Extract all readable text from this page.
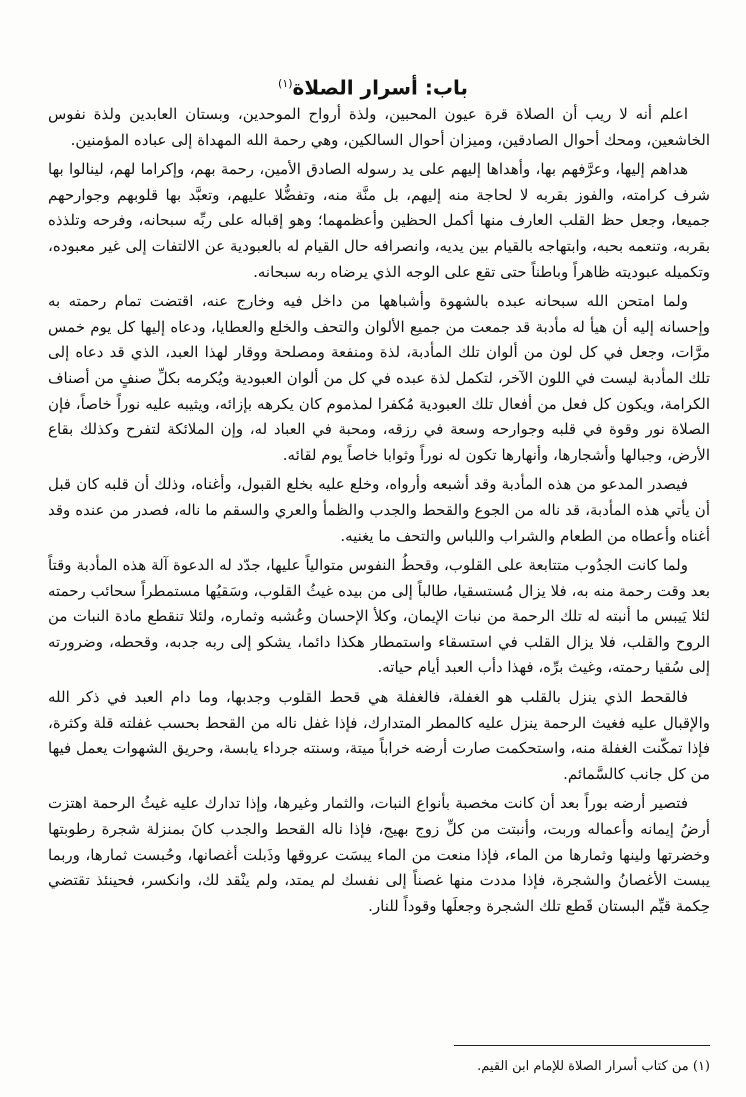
باب: أسرار الصلاة$^{(١)}$

اعلم أنه لا ريب أن الصلاة قرة عيون المحبين، ولذة أرواح الموحدين، وبستان العابدين ولذة نفوس الخاشعين، ومحك أحوال الصادقين، وميزان أحوال السالكين، وهي رحمة الله المهداة إلى عباده المؤمنين.

هداهم إليها، وعرَّفهم بها، وأهداها إليهم على يد رسوله الصادق الأمين، رحمة بهم، وإكراما لهم، لينالوا بها شرف كرامته، والفوز بقربه لا لحاجة منه إليهم، بل منَّة منه، وتفضُّلا عليهم، وتعبَّد بها قلوبهم وجوارحهم جميعا، وجعل حظ القلب العارف منها أكمل الحظين وأعظمهما؛ وهو إقباله على ربِّه سبحانه، وفرحه وتلذذه بقربه، وتنعمه بحبه، وابتهاجه بالقيام بين يديه، وانصرافه حال القيام له بالعبودية عن الالتفات إلى غير معبوده، وتكميله عبوديته ظاهراً وباطناً حتى تقع على الوجه الذي يرضاه ربه سبحانه.

ولما امتحن الله سبحانه عبده بالشهوة وأشباهها من داخل فيه وخارج عنه، اقتضت تمام رحمته به وإحسانه إليه أن هيأ له مأدبة قد جمعت من جميع الألوان والتحف والخلع والعطايا، ودعاه إليها كل يوم خمس مرَّات، وجعل في كل لون من ألوان تلك المأدبة، لذة ومنفعة ومصلحة ووقار لهذا العبد، الذي قد دعاه إلى تلك المأدبة ليست في اللون الآخر، لتكمل لذة عبده في كل من ألوان العبودية ويُكرمه بكلِّ صنفٍ من أصناف الكرامة، ويكون كل فعل من أفعال تلك العبودية مُكفرا لمذموم كان يكرهه بإزائه، ويثيبه عليه نوراً خاصاً، فإن الصلاة نور وقوة في قلبه وجوارحه وسعة في رزقه، ومحبة في العباد له، وإن الملائكة لتفرح وكذلك بقاع الأرض، وجبالها وأشجارها، وأنهارها تكون له نوراً وثوابا خاصاً يوم لقائه.

فيصدر المدعو من هذه المأدبة وقد أشبعه وأرواه، وخلع عليه بخلع القبول، وأغناه، وذلك أن قلبه كان قبل أن يأتي هذه المأدبة، قد ناله من الجوع والقحط والجدب والظمأ والعري والسقم ما ناله، فصدر من عنده وقد أغناه وأعطاه من الطعام والشراب واللباس والتحف ما يغنيه.

ولما كانت الجدُوب متتابعة على القلوب، وقحطُ النفوس متوالياً عليها، جدّد له الدعوة آلة هذه المأدبة وقتاً بعد وقت رحمة منه به، فلا يزال مُستسقيا، طالباً إلى من بيده غيثُ القلوب، وسَقيُها مستمطراً سحائب رحمته لئلا يَيبس ما أنبته له تلك الرحمة من نبات الإيمان، وكلأ الإحسان وعُشبه وثماره، ولئلا تنقطع مادة النبات من الروح والقلب، فلا يزال القلب في استسقاء واستمطار هكذا دائما، يشكو إلى ربه جدبه، وقحطه، وضرورته إلى سُقيا رحمته، وغيث برِّه، فهذا دأب العبد أيام حياته.

فالقحط الذي ينزل بالقلب هو الغفلة، فالغفلة هي قحط القلوب وجدبها، وما دام العبد في ذكر الله والإقبال عليه فغيث الرحمة ينزل عليه كالمطر المتدارك، فإذا غفل ناله من القحط بحسب غفلته قلة وكثرة، فإذا تمكّنت الغفلة منه، واستحكمت صارت أرضه خراباً ميتة، وسنته جرداء يابسة، وحريق الشهوات يعمل فيها من كل جانب كالسَّمائم.

فتصير أرضه بوراً بعد أن كانت مخصبة بأنواع النبات، والثمار وغيرها، وإذا تدارك عليه غيثُ الرحمة اهتزت أرضُ إيمانه وأعماله وربت، وأنبتت من كلِّ زوج بهيج، فإذا ناله القحط والجدب كانَ بمنزلة شجرة رطوبتها وخضرتها ولينها وثمارها من الماء، فإذا منعت من الماء يبسَت عروقها وذَبلت أغصانها، وحُبست ثمارها، وربما يبست الأغصانُ والشجرة، فإذا مددت منها غصناً إلى نفسك لم يمتد، ولم ينْقد لك، وانكسر، فحينئذ تقتضي حِكمة قيِّم البستان قَطع تلك الشجرة وجعلَها وقوداً للنار.

(١) من كتاب أسرار الصلاة للإمام ابن القيم.
